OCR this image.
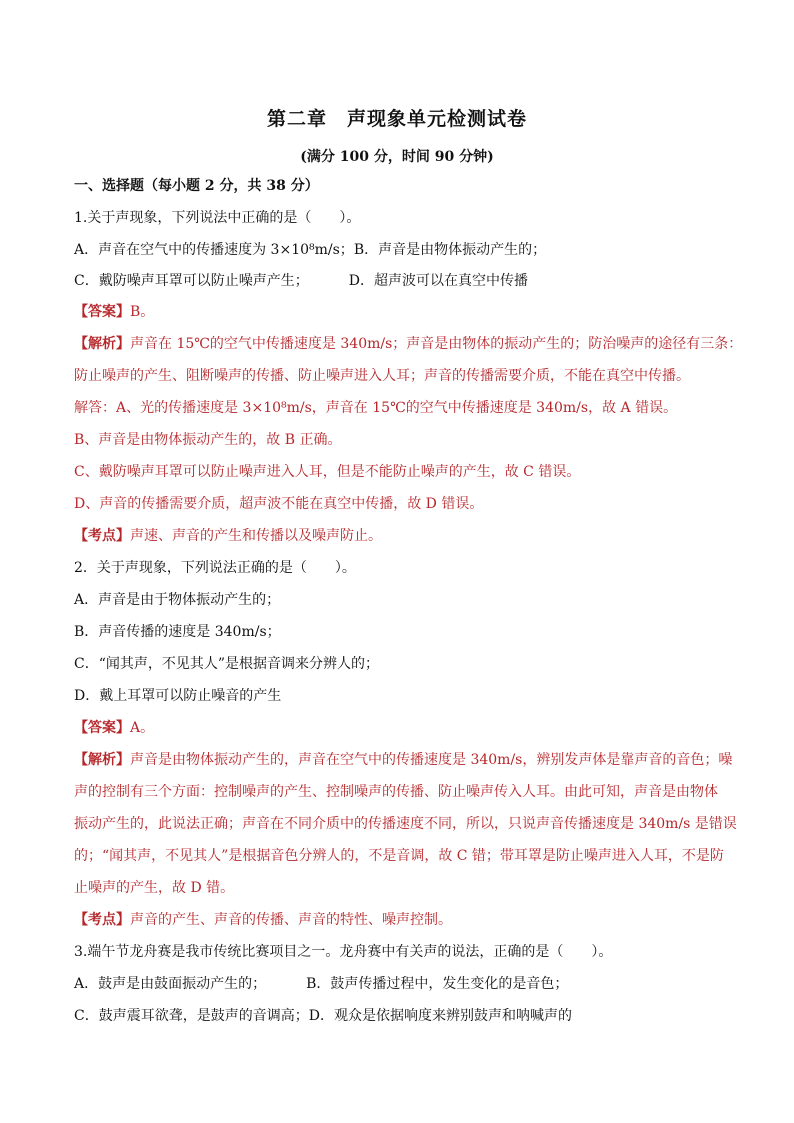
第二章　声现象单元检测试卷
(满分 100 分，时间 90 分钟)
一、选择题（每小题 2 分，共 38 分）
1.关于声现象，下列说法中正确的是（　　）。
A．声音在空气中的传播速度为 3×10⁸m/s；B．声音是由物体振动产生的；
C．戴防噪声耳罩可以防止噪声产生；	D．超声波可以在真空中传播
【答案】B。
【解析】声音在 15℃的空气中传播速度是 340m/s；声音是由物体的振动产生的；防治噪声的途径有三条：
防止噪声的产生、阻断噪声的传播、防止噪声进入人耳；声音的传播需要介质，不能在真空中传播。
解答：A、光的传播速度是 3×10⁸m/s，声音在 15℃的空气中传播速度是 340m/s，故 A 错误。
B、声音是由物体振动产生的，故 B 正确。
C、戴防噪声耳罩可以防止噪声进入人耳，但是不能防止噪声的产生，故 C 错误。
D、声音的传播需要介质，超声波不能在真空中传播，故 D 错误。
【考点】声速、声音的产生和传播以及噪声防止。
2．关于声现象，下列说法正确的是（　　）。
A．声音是由于物体振动产生的；
B．声音传播的速度是 340m/s；
C．“闻其声，不见其人”是根据音调来分辨人的；
D．戴上耳罩可以防止噪音的产生
【答案】A。
【解析】声音是由物体振动产生的，声音在空气中的传播速度是 340m/s，辨别发声体是靠声音的音色；噪
声的控制有三个方面：控制噪声的产生、控制噪声的传播、防止噪声传入人耳。由此可知，声音是由物体
振动产生的，此说法正确；声音在不同介质中的传播速度不同，所以，只说声音传播速度是 340m/s 是错误
的；“闻其声，不见其人”是根据音色分辨人的，不是音调，故 C 错；带耳罩是防止噪声进入人耳，不是防
止噪声的产生，故 D 错。
【考点】声音的产生、声音的传播、声音的特性、噪声控制。
3.端午节龙舟赛是我市传统比赛项目之一。龙舟赛中有关声的说法，正确的是（　　）。
A．鼓声是由鼓面振动产生的；	B．鼓声传播过程中，发生变化的是音色；
C．鼓声震耳欲聋，是鼓声的音调高；D．观众是依据响度来辨别鼓声和呐喊声的
